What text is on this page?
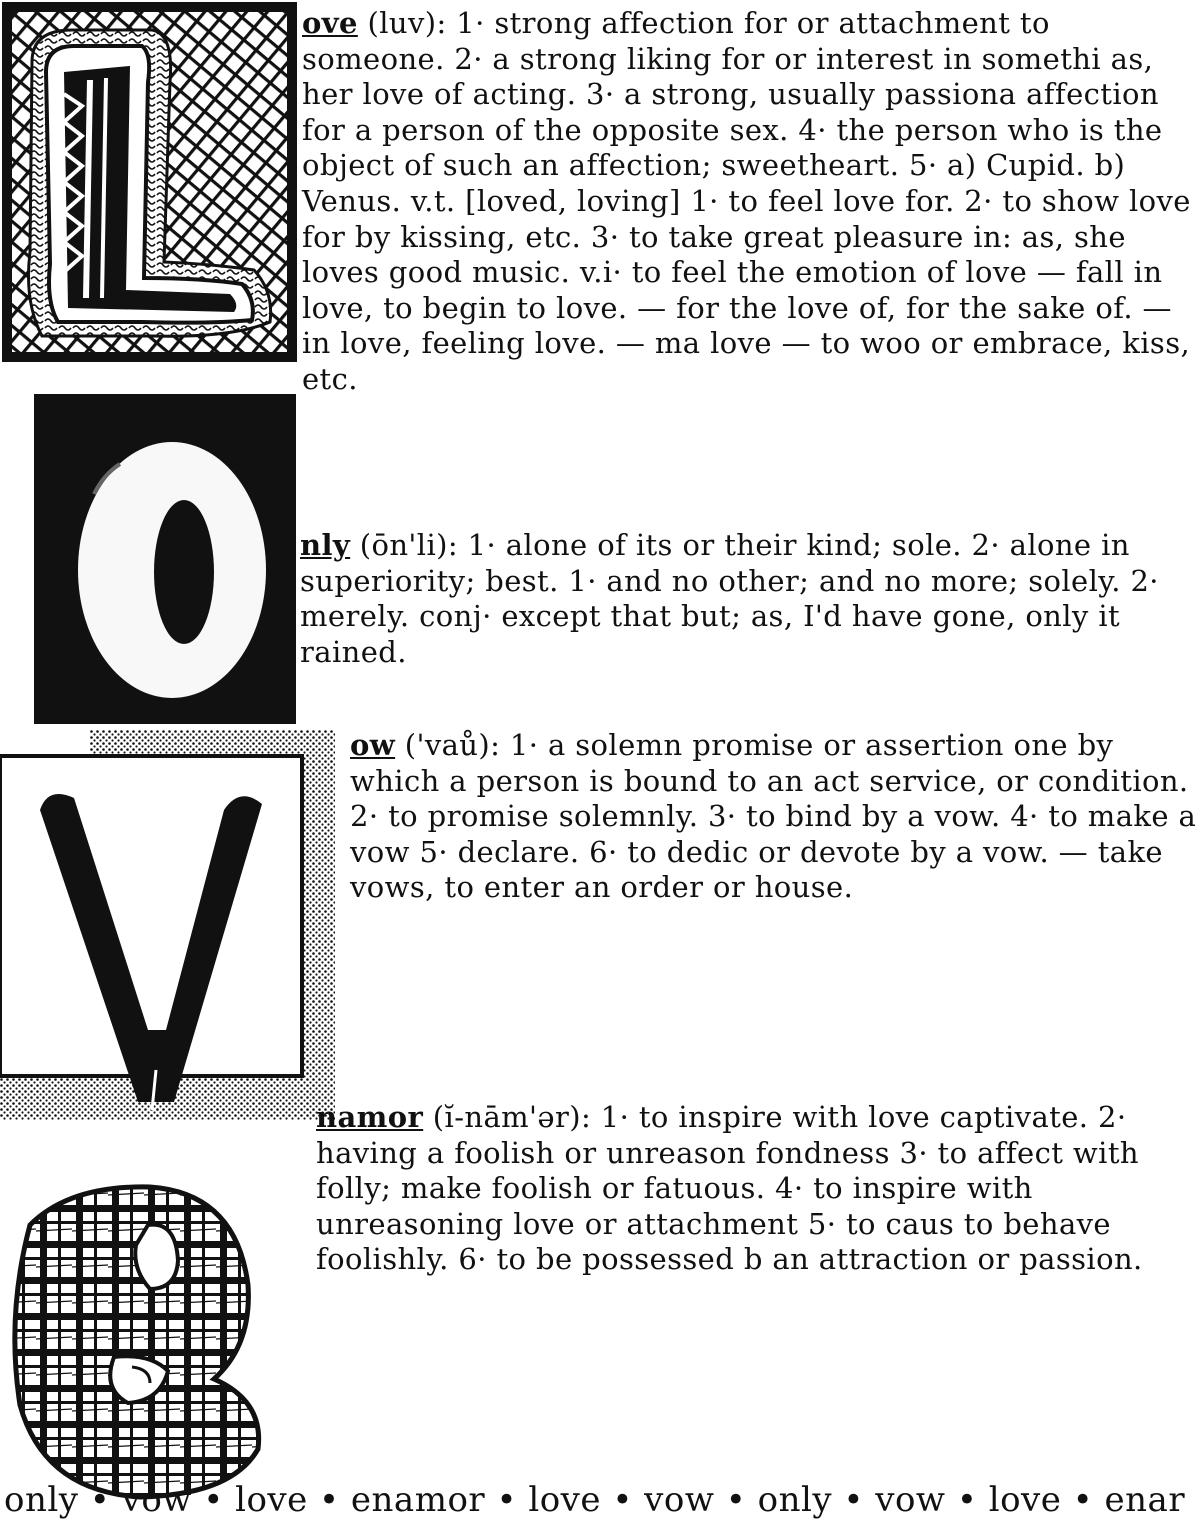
ove (luv): 1· strong affection for or attachment to someone. 2· a strong liking for or interest in somethi as, her love of acting. 3· a strong, usually passiona affection for a person of the opposite sex. 4· the person who is the object of such an affection; sweetheart. 5· a) Cupid. b) Venus. v.t. [loved, loving] 1· to feel love for. 2· to show love for by kissing, etc. 3· to take great pleasure in: as, she loves good music. v.i· to feel the emotion of love — fall in love, to begin to love. — for the love of, for the sake of. — in love, feeling love. — ma love — to woo or embrace, kiss, etc.

nly (ōn'li): 1· alone of its or their kind; sole. 2· alone in superiority; best. 1· and no other; and no more; solely. 2· merely. conj· except that but; as, I'd have gone, only it rained.

ow ('vaů): 1· a solemn promise or assertion one by which a person is bound to an act service, or condition. 2· to promise solemnly. 3· to bind by a vow. 4· to make a vow 5· declare. 6· to dedic or devote by a vow. — take vows, to enter an order or house.

namor (ĭ-nām'ər): 1· to inspire with love captivate. 2· having a foolish or unreason fondness 3· to affect with folly; make foolish or fatuous. 4· to inspire with unreasoning love or attachment 5· to caus to behave foolishly. 6· to be possessed b an attraction or passion.

only • vow • love • enamor • love • vow • only • vow • love • enar
